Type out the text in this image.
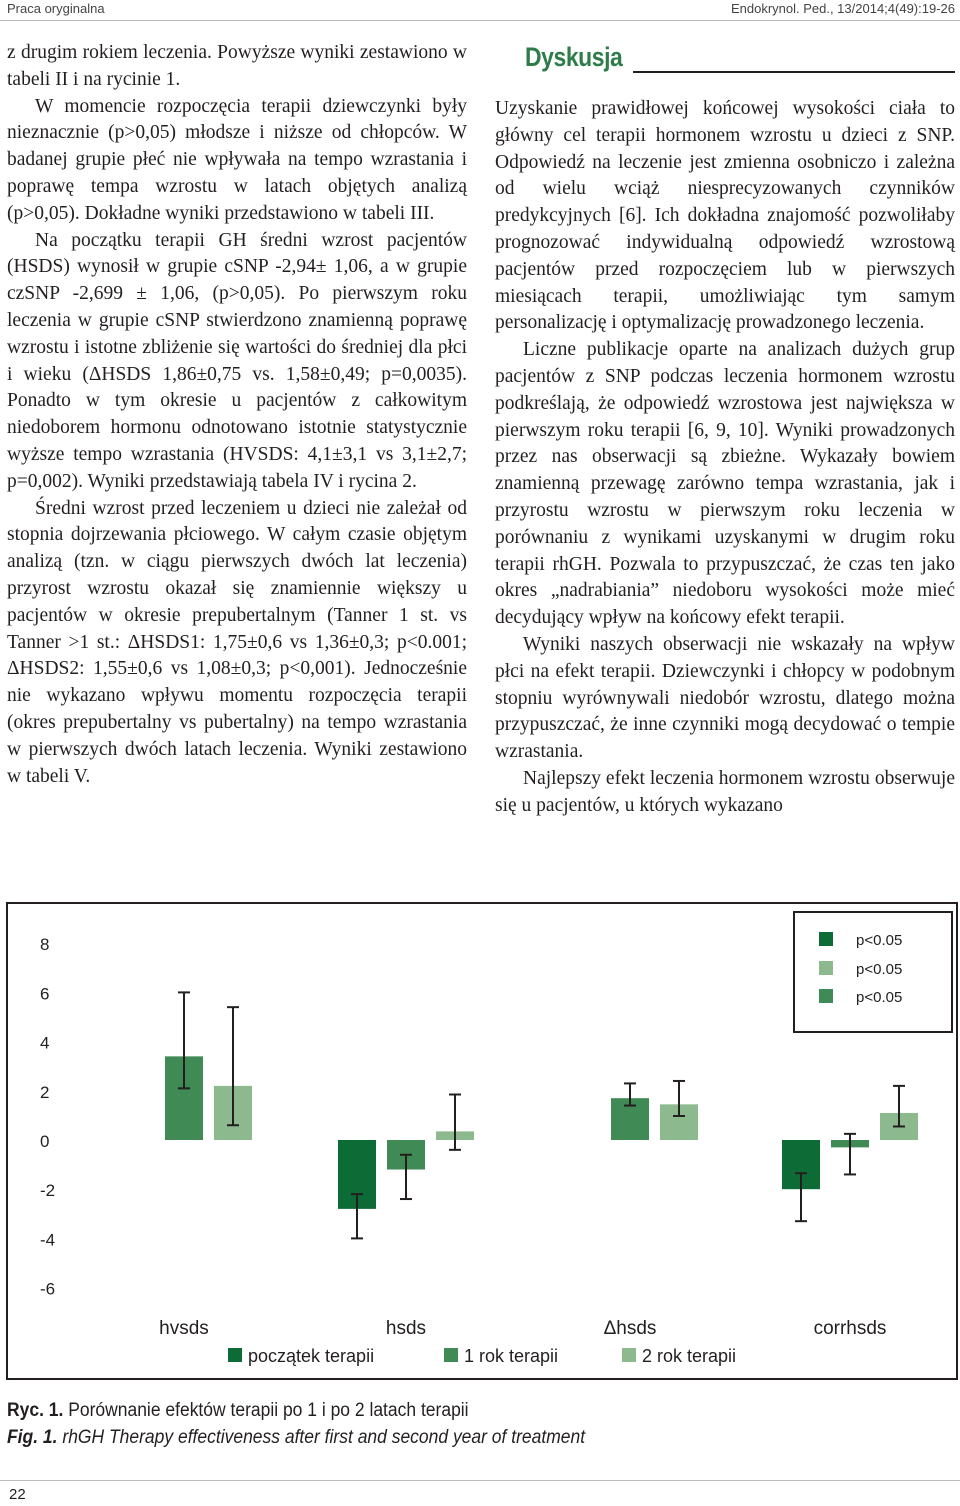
Praca oryginalna	Endokrynol. Ped., 13/2014;4(49):19-26

z drugim rokiem leczenia. Powyższe wyniki zestawiono w tabeli II i na rycinie 1.

W momencie rozpoczęcia terapii dziewczynki były nieznacznie (p>0,05) młodsze i niższe od chłopców. W badanej grupie płeć nie wpływała na tempo wzrastania i poprawę tempa wzrostu w latach objętych analizą (p>0,05). Dokładne wyniki przedstawiono w tabeli III.

Na początku terapii GH średni wzrost pacjentów (HSDS) wynosił w grupie cSNP -2,94± 1,06, a w grupie czSNP -2,699 ± 1,06, (p>0,05). Po pierwszym roku leczenia w grupie cSNP stwierdzono znamienną poprawę wzrostu i istotne zbliżenie się wartości do średniej dla płci i wieku (ΔHSDS 1,86±0,75 vs. 1,58±0,49; p=0,0035). Ponadto w tym okresie u pacjentów z całkowitym niedoborem hormonu odnotowano istotnie statystycznie wyższe tempo wzrastania (HVSDS: 4,1±3,1 vs 3,1±2,7; p=0,002). Wyniki przedstawiają tabela IV i rycina 2.

Średni wzrost przed leczeniem u dzieci nie zależał od stopnia dojrzewania płciowego. W całym czasie objętym analizą (tzn. w ciągu pierwszych dwóch lat leczenia) przyrost wzrostu okazał się znamiennie większy u pacjentów w okresie prepubertalnym (Tanner 1 st. vs Tanner >1 st.: ΔHSDS1: 1,75±0,6 vs 1,36±0,3; p<0.001; ΔHSDS2: 1,55±0,6 vs 1,08±0,3; p<0,001). Jednocześnie nie wykazano wpływu momentu rozpoczęcia terapii (okres prepubertalny vs pubertalny) na tempo wzrastania w pierwszych dwóch latach leczenia. Wyniki zestawiono w tabeli V.

Dyskusja

Uzyskanie prawidłowej końcowej wysokości ciała to główny cel terapii hormonem wzrostu u dzieci z SNP. Odpowiedź na leczenie jest zmienna osobniczo i zależna od wielu wciąż niesprecyzowanych czynników predykcyjnych [6]. Ich dokładna znajomość pozwoliłaby prognozować indywidualną odpowiedź wzrostową pacjentów przed rozpoczęciem lub w pierwszych miesiącach terapii, umożliwiając tym samym personalizację i optymalizację prowadzonego leczenia.

Liczne publikacje oparte na analizach dużych grup pacjentów z SNP podczas leczenia hormonem wzrostu podkreślają, że odpowiedź wzrostowa jest największa w pierwszym roku terapii [6, 9, 10]. Wyniki prowadzonych przez nas obserwacji są zbieżne. Wykazały bowiem znamienną przewagę zarówno tempa wzrastania, jak i przyrostu wzrostu w pierwszym roku leczenia w porównaniu z wynikami uzyskanymi w drugim roku terapii rhGH. Pozwala to przypuszczać, że czas ten jako okres „nadrabiania” niedoboru wysokości może mieć decydujący wpływ na końcowy efekt terapii.

Wyniki naszych obserwacji nie wskazały na wpływ płci na efekt terapii. Dziewczynki i chłopcy w podobnym stopniu wyrównywali niedobór wzrostu, dlatego można przypuszczać, że inne czynniki mogą decydować o tempie wzrastania.

Najlepszy efekt leczenia hormonem wzrostu obserwuje się u pacjentów, u których wykazano

8
6
4
2
0
-2
-4
-6
hvsds	hsds	Δhsds	corrhsds
początek terapii	1 rok terapii	2 rok terapii
p<0.05
p<0.05
p<0.05
Ryc. 1. Porównanie efektów terapii po 1 i po 2 latach terapii
Fig. 1. rhGH Therapy effectiveness after first and second year of treatment
22
